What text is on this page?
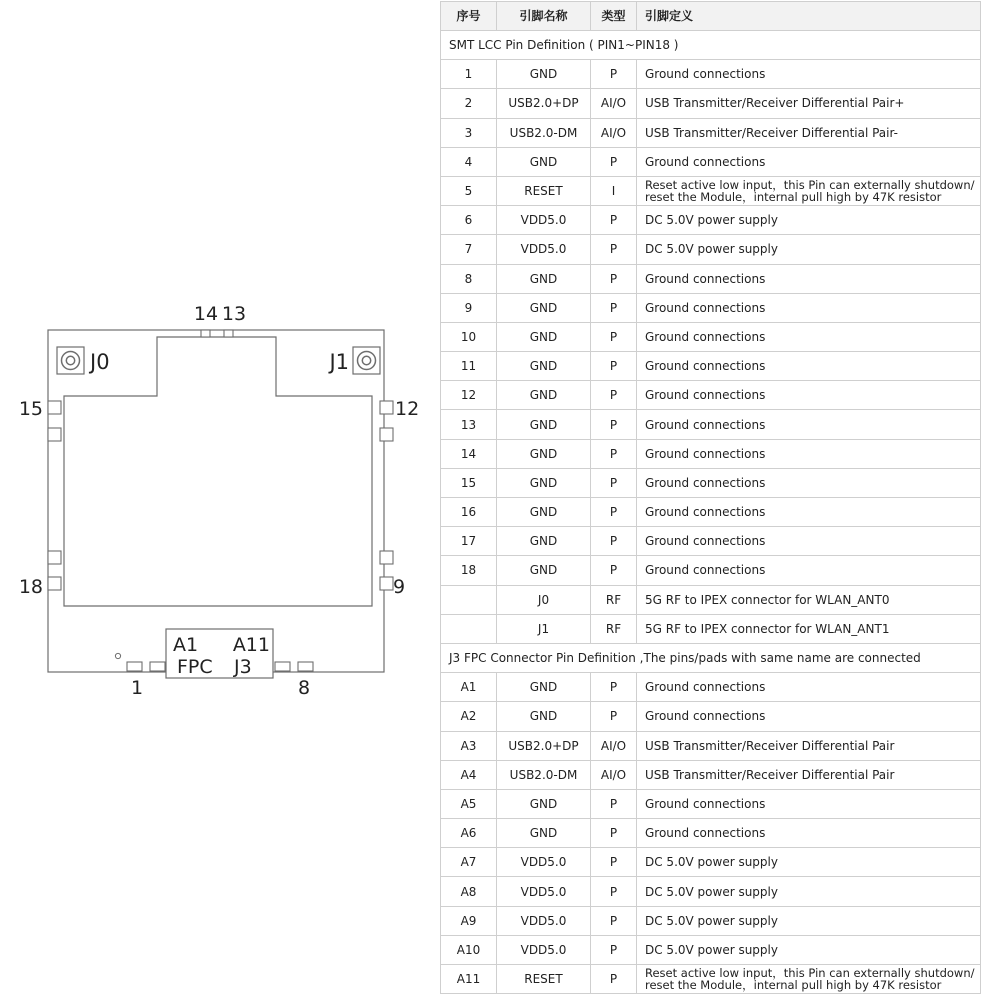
J0	J1
14 13
15
18
12
9
1	8
A1 A11
FPC J3
序号	引脚名称	类型	引脚定义
SMT LCC Pin Definition ( PIN1~PIN18 )			
1	GND	P	Ground connections
2	USB2.0+DP	AI/O	USB Transmitter/Receiver Differential Pair+
3	USB2.0-DM	AI/O	USB Transmitter/Receiver Differential Pair-
4	GND	P	Ground connections
5	RESET	I	Reset active low input，this Pin can externally shutdown/ reset the Module，internal pull high by 47K resistor
6	VDD5.0	P	DC 5.0V power supply
7	VDD5.0	P	DC 5.0V power supply
8	GND	P	Ground connections
9	GND	P	Ground connections
10	GND	P	Ground connections
11	GND	P	Ground connections
12	GND	P	Ground connections
13	GND	P	Ground connections
14	GND	P	Ground connections
15	GND	P	Ground connections
16	GND	P	Ground connections
17	GND	P	Ground connections
18	GND	P	Ground connections
	J0	RF	5G RF to IPEX connector for WLAN_ANT0
	J1	RF	5G RF to IPEX connector for WLAN_ANT1
J3 FPC Connector Pin Definition ,The pins/pads with same name are connected			
A1	GND	P	Ground connections
A2	GND	P	Ground connections
A3	USB2.0+DP	AI/O	USB Transmitter/Receiver Differential Pair
A4	USB2.0-DM	AI/O	USB Transmitter/Receiver Differential Pair
A5	GND	P	Ground connections
A6	GND	P	Ground connections
A7	VDD5.0	P	DC 5.0V power supply
A8	VDD5.0	P	DC 5.0V power supply
A9	VDD5.0	P	DC 5.0V power supply
A10	VDD5.0	P	DC 5.0V power supply
A11	RESET	P	Reset active low input，this Pin can externally shutdown/ reset the Module，internal pull high by 47K resistor
